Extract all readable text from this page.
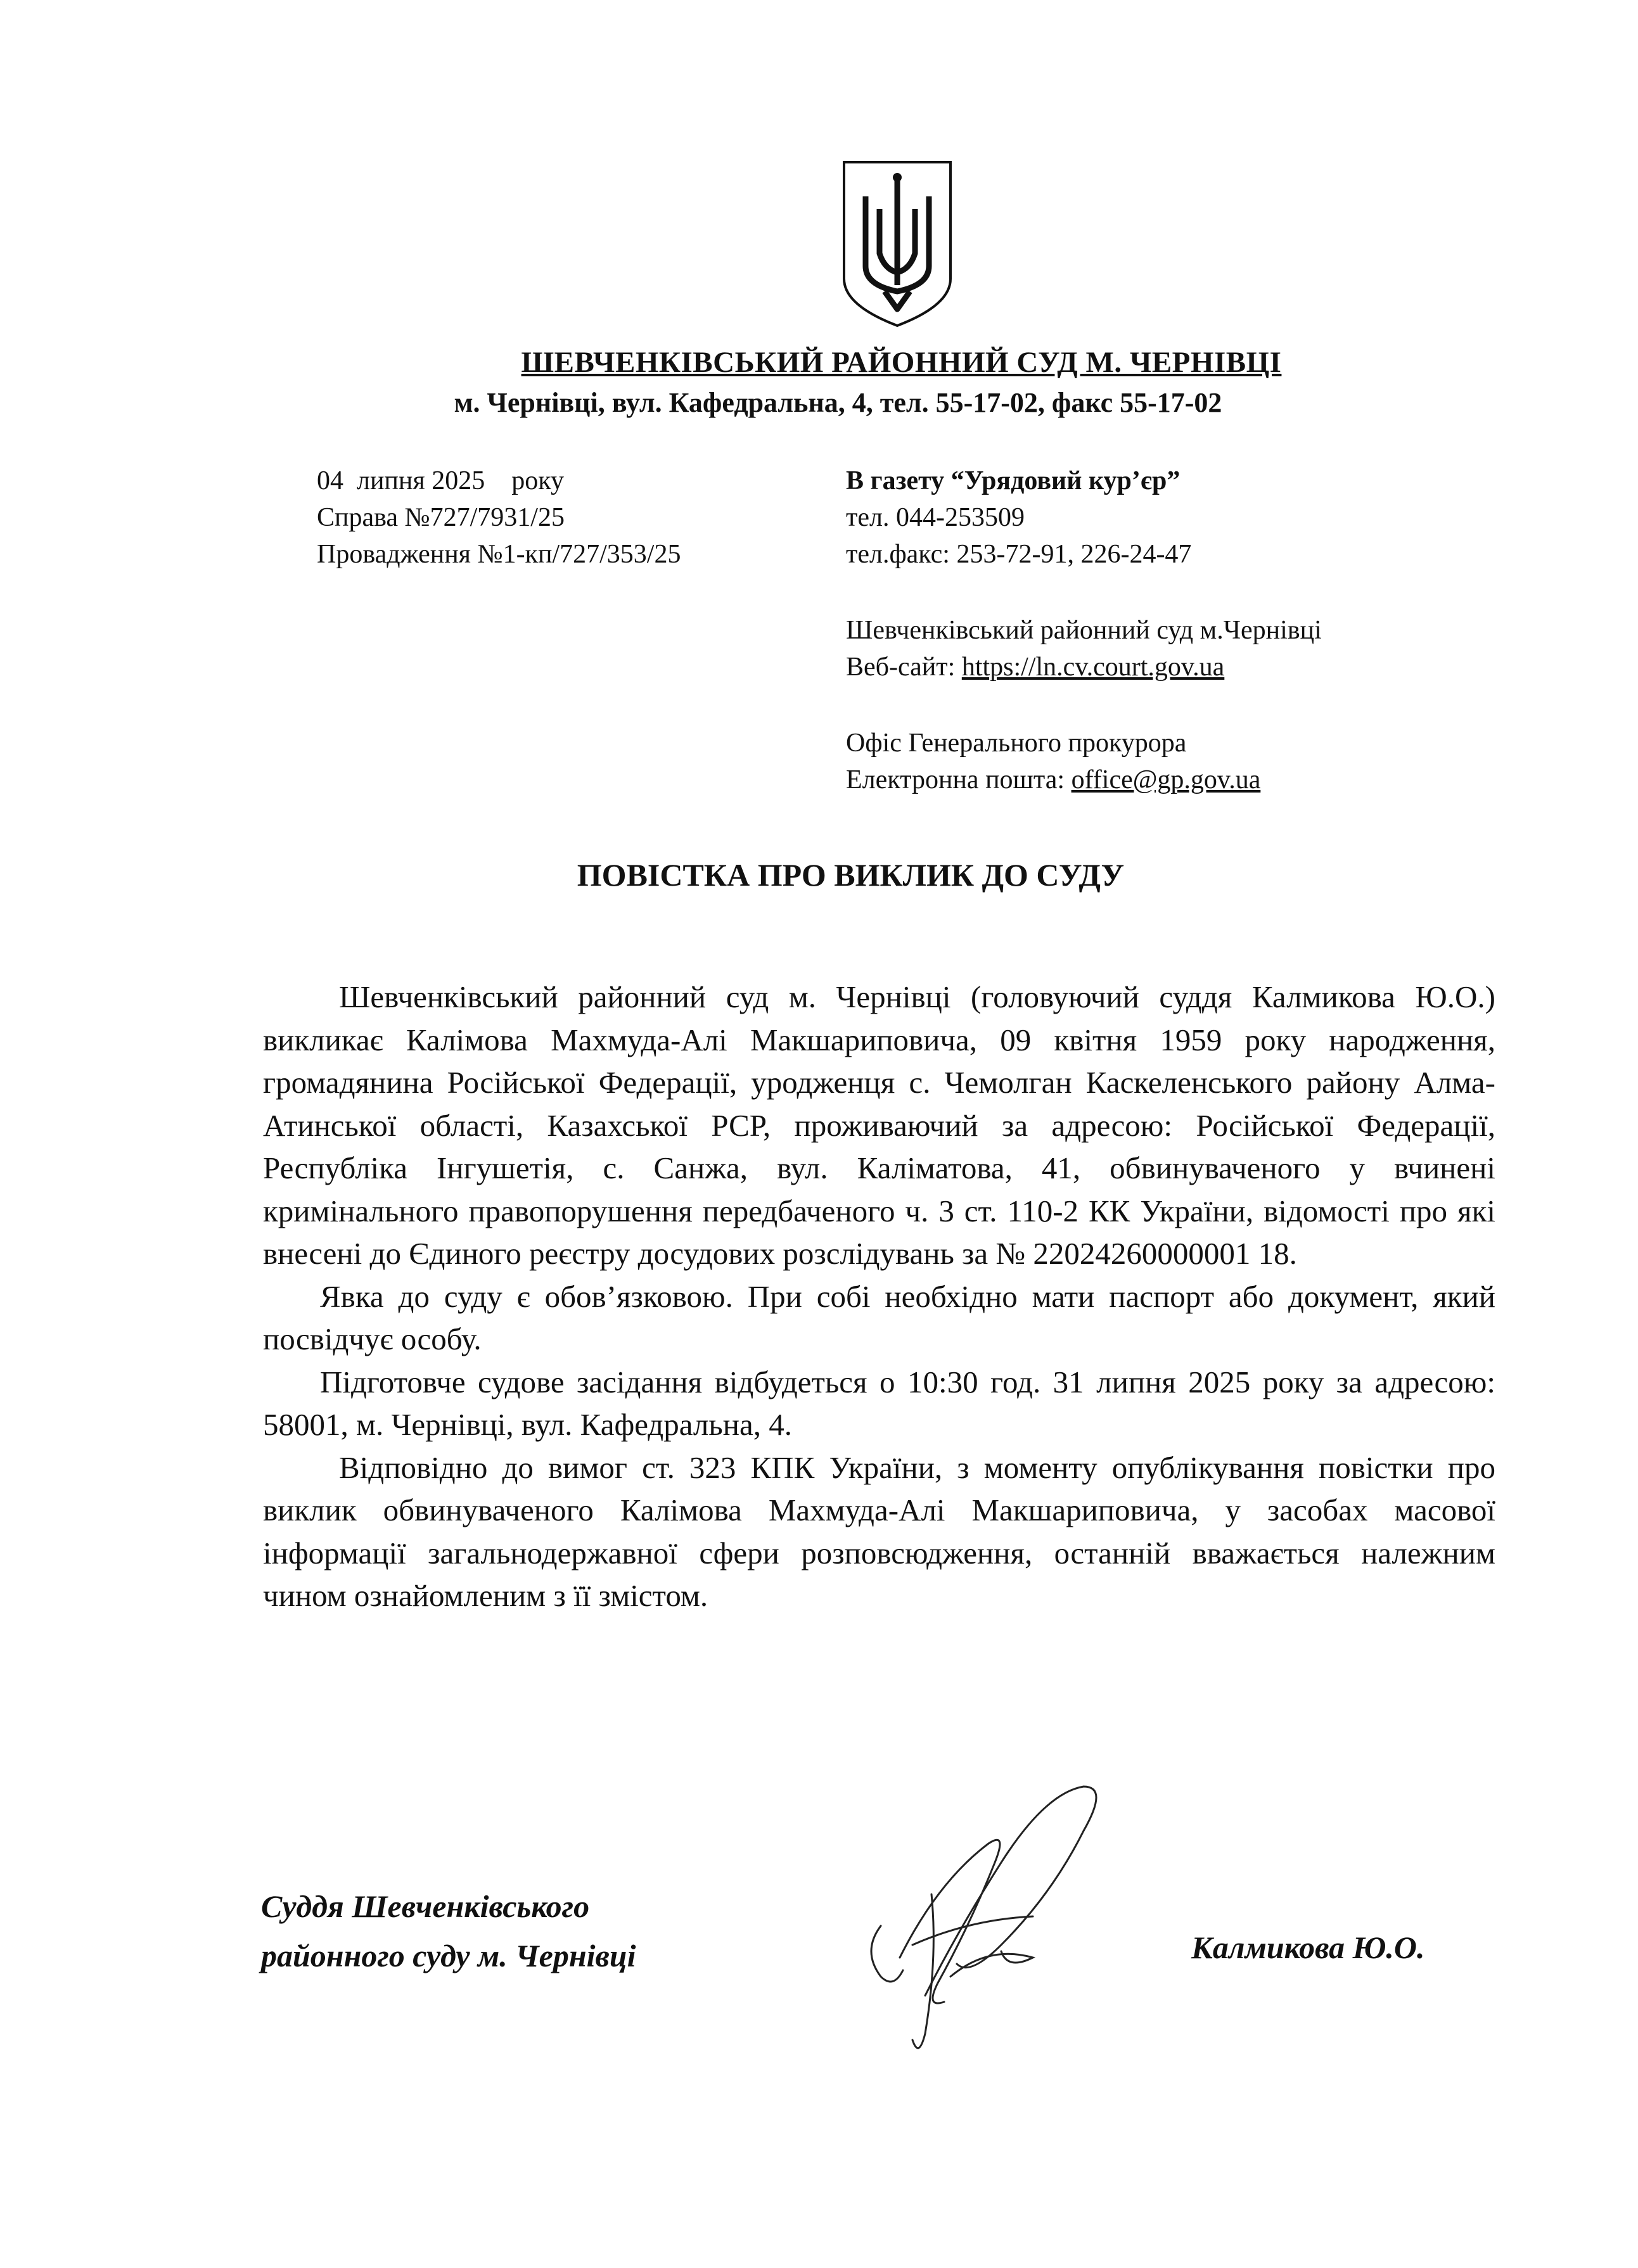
ШЕВЧЕНКІВСЬКИЙ РАЙОННИЙ СУД М. ЧЕРНІВЦІ
м. Чернівці, вул. Кафедральна, 4, тел. 55-17-02, факс 55-17-02
04  липня 2025    року
Справа №727/7931/25
Провадження №1-кп/727/353/25
В газету “Урядовий кур’єр”
тел. 044-253509
тел.факс: 253-72-91, 226-24-47
Шевченківський районний суд м.Чернівці
Веб-сайт: https://ln.cv.court.gov.ua
Офіс Генерального прокурора
Електронна пошта: office@gp.gov.ua
ПОВІСТКА ПРО ВИКЛИК ДО СУДУ

Шевченківський районний суд м. Чернівці (головуючий суддя Калмикова Ю.О.) викликає Калімова Махмуда-Алі Макшариповича, 09 квітня 1959 року народження, громадянина Російської Федерації, уродженця с. Чемолган Каскеленського району Алма-Атинської області, Казахської РСР, проживаючий за адресою: Російської Федерації, Республіка Інгушетія, с. Санжа, вул. Каліматова, 41, обвинуваченого у вчинені кримінального правопорушення передбаченого ч. 3 ст. 110-2 КК України, відомості про які внесені до Єдиного реєстру досудових розслідувань за № 22024260000001 18.

Явка до суду є обов’язковою. При собі необхідно мати паспорт або документ, який посвідчує особу.

Підготовче судове засідання відбудеться о 10:30 год. 31 липня 2025 року за адресою: 58001, м. Чернівці, вул. Кафедральна, 4.

Відповідно до вимог ст. 323 КПК України, з моменту опублікування повістки про виклик обвинуваченого Калімова Махмуда-Алі Макшариповича, у засобах масової інформації загальнодержавної сфери розповсюдження, останній вважається належним чином ознайомленим з її змістом.

Суддя Шевченківського
районного суду м. Чернівці	Калмикова Ю.О.
